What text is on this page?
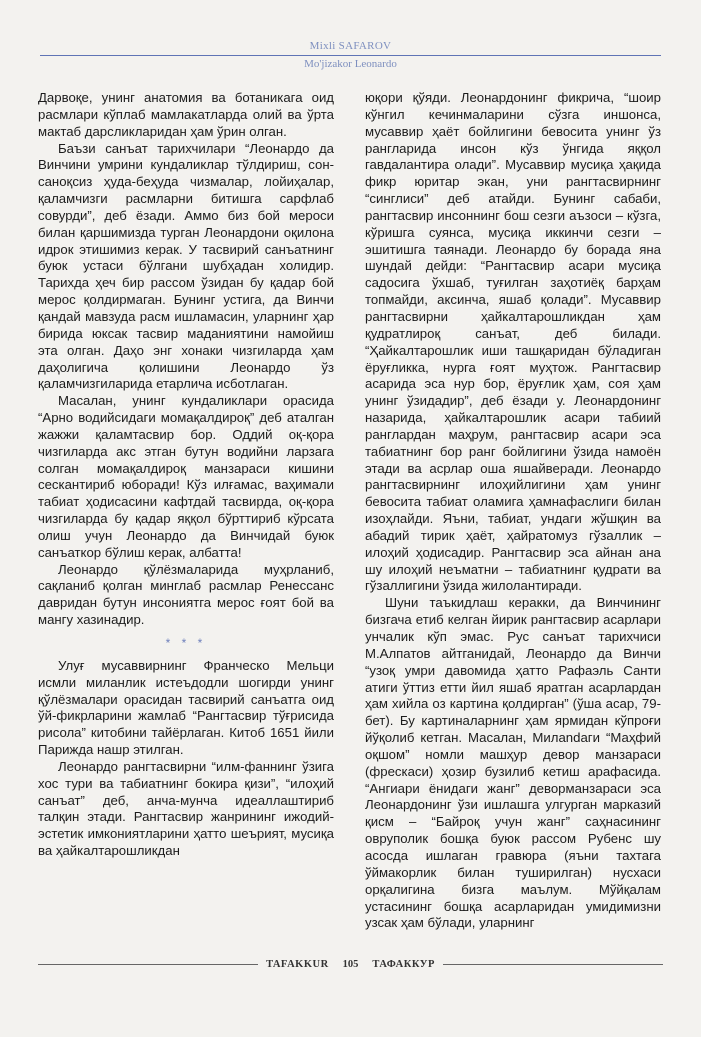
Mixli SAFAROV
Mo'jizakor Leonardo

Дарвоқе, унинг анатомия ва ботаникага оид расмлари кўплаб мамлакатларда олий ва ўрта мактаб дарсликларидан ҳам ўрин олган.

Баъзи санъат тарихчилари “Леонардо да Винчини умрини кундаликлар тўлдириш, сон-саноқсиз ҳуда-беҳуда чизмалар, лойиҳалар, қаламчизги расмларни битишга сарфлаб совурди”, деб ёзади. Аммо биз бой мероси билан қаршимизда турган Леонардони оқилона идрок этишимиз керак. У тасвирий санъатнинг буюк устаси бўлгани шубҳадан холидир. Тарихда ҳеч бир рассом ўзидан бу қадар бой мерос қолдирмаган. Бунинг устига, да Винчи қандай мавзуда расм ишламасин, уларнинг ҳар бирида юксак тасвир маданиятини намойиш эта олган. Даҳо энг хонаки чизгиларда ҳам даҳолигича қолишини Леонардо ўз қаламчизгиларида етарлича исботлаган.

Масалан, унинг кундаликлари орасида “Арно водийсидаги момақалдироқ” деб аталган жажжи қаламтасвир бор. Оддий оқ-қора чизгиларда акс этган бутун водийни ларзага солган момақалдироқ манзараси кишини сескантириб юборади! Кўз илғамас, ваҳимали табиат ҳодисасини кафтдай тасвирда, оқ-қора чизгиларда бу қадар яққол бўрттириб кўрсата олиш учун Леонардо да Винчидай буюк санъаткор бўлиш керак, албатта!

Леонардо қўлёзмаларида муҳрланиб, сақланиб қолган минглаб расмлар Ренессанс давридан бутун инсониятга мерос ғоят бой ва мангу хазинадир.

* * *

Улуғ мусаввирнинг Франческо Мельци исмли миланлик истеъдодли шогирди унинг қўлёзмалари орасидан тасвирий санъатга оид ўй-фикрларини жамлаб “Рангтасвир тўғрисида рисола” китобини тайёрлаган. Китоб 1651 йили Парижда нашр этилган.

Леонардо рангтасвирни “илм-фаннинг ўзига хос тури ва табиатнинг бокира қизи”, “илоҳий санъат” деб, анча-мунча идеаллаштириб талқин этади. Рангтасвир жанрининг ижодий-эстетик имкониятларини ҳатто шеърият, мусиқа ва ҳайкалтарошликдан

юқори қўяди. Леонардонинг фикрича, “шоир кўнгил кечинмаларини сўзга иншонса, мусаввир ҳаёт бойлигини бевосита унинг ўз рангларида инсон кўз ўнгида яққол гавдалантира олади”. Мусаввир мусиқа ҳақида фикр юритар экан, уни рангтасвирнинг “синглиси” деб атайди. Бунинг сабаби, рангтасвир инсоннинг бош сезги аъзоси – кўзга, кўришга суянса, мусиқа иккинчи сезги – эшитишга таянади. Леонардо бу борада яна шундай дейди: “Рангтасвир асари мусиқа садосига ўхшаб, туғилган заҳотиёқ барҳам топмайди, аксинча, яшаб қолади”. Мусаввир рангтасвирни ҳайкалтарошликдан ҳам қудратлироқ санъат, деб билади. “Ҳайкалтарошлик иши ташқаридан бўладиган ёруғликка, нурга ғоят муҳтож. Рангтасвир асарида эса нур бор, ёруғлик ҳам, соя ҳам унинг ўзидадир”, деб ёзади у. Леонардонинг назарида, ҳайкалтарошлик асари табиий ранглардан маҳрум, рангтасвир асари эса табиатнинг бор ранг бойлигини ўзида намоён этади ва асрлар оша яшайверади. Леонардо рангтасвирнинг илоҳийлигини ҳам унинг бевосита табиат оламига ҳамнафаслиги билан изоҳлайди. Яъни, табиат, ундаги жўшқин ва абадий тирик ҳаёт, ҳайратомуз гўзаллик – илоҳий ҳодисадир. Рангтасвир эса айнан ана шу илоҳий неъматни – табиатнинг қудрати ва гўзаллигини ўзида жилолантиради.

Шуни таъкидлаш керакки, да Винчининг бизгача етиб келган йирик рангтасвир асарлари унчалик кўп эмас. Рус санъат тарихчиси М.Алпатов айтганидай, Леонардо да Винчи “узоқ умри давомида ҳатто Рафаэль Санти атиги ўттиз етти йил яшаб яратган асарлардан ҳам хийла оз картина қолдирган” (ўша асар, 79-бет). Бу картиналарнинг ҳам ярмидан кўпроғи йўқолиб кетган. Масалан, Милandaги “Маҳфий оқшом” номли машҳур девор манзараси (фрескаси) ҳозир бузилиб кетиш арафасида. “Ангиари ёнидаги жанг” деворманзараси эса Леонардонинг ўзи ишлашга улгурган марказий қисм – “Байроқ учун жанг” саҳнасининг овруполик бошқа буюк рассом Рубенс шу асосда ишлаган гравюра (яъни тахтага ўймакорлик билан туширилган) нусхаси орқалигина бизга маълум. Мўйқалам устасининг бошқа асарларидан умидимизни узсак ҳам бўлади, уларнинг

TAFAKKUR	105	ТАФАККУР
